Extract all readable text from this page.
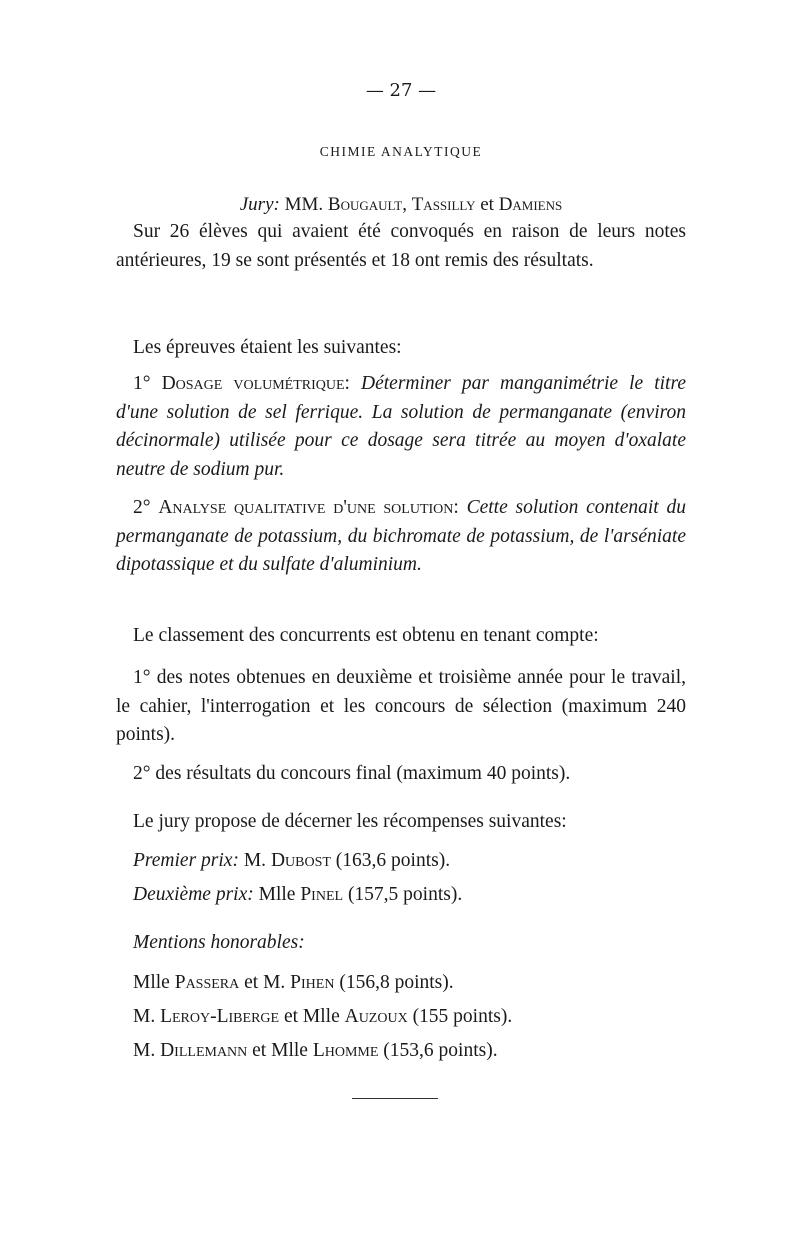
— 27 —
CHIMIE ANALYTIQUE
Jury: MM. Bougault, Tassilly et Damiens

Sur 26 élèves qui avaient été convoqués en raison de leurs notes antérieures, 19 se sont présentés et 18 ont remis des résultats.

Les épreuves étaient les suivantes:

1° Dosage volumétrique: Déterminer par manganimétrie le titre d'une solution de sel ferrique. La solution de permanganate (environ décinormale) utilisée pour ce dosage sera titrée au moyen d'oxalate neutre de sodium pur.

2° Analyse qualitative d'une solution: Cette solution contenait du permanganate de potassium, du bichromate de potassium, de l'arséniate dipotassique et du sulfate d'aluminium.

Le classement des concurrents est obtenu en tenant compte:

1° des notes obtenues en deuxième et troisième année pour le travail, le cahier, l'interrogation et les concours de sélection (maximum 240 points).

2° des résultats du concours final (maximum 40 points).

Le jury propose de décerner les récompenses suivantes:

Premier prix: M. Dubost (163,6 points).
Deuxième prix: Mlle Pinel (157,5 points).
Mentions honorables:
Mlle Passera et M. Pihen (156,8 points).
M. Leroy-Liberge et Mlle Auzoux (155 points).
M. Dillemann et Mlle Lhomme (153,6 points).
